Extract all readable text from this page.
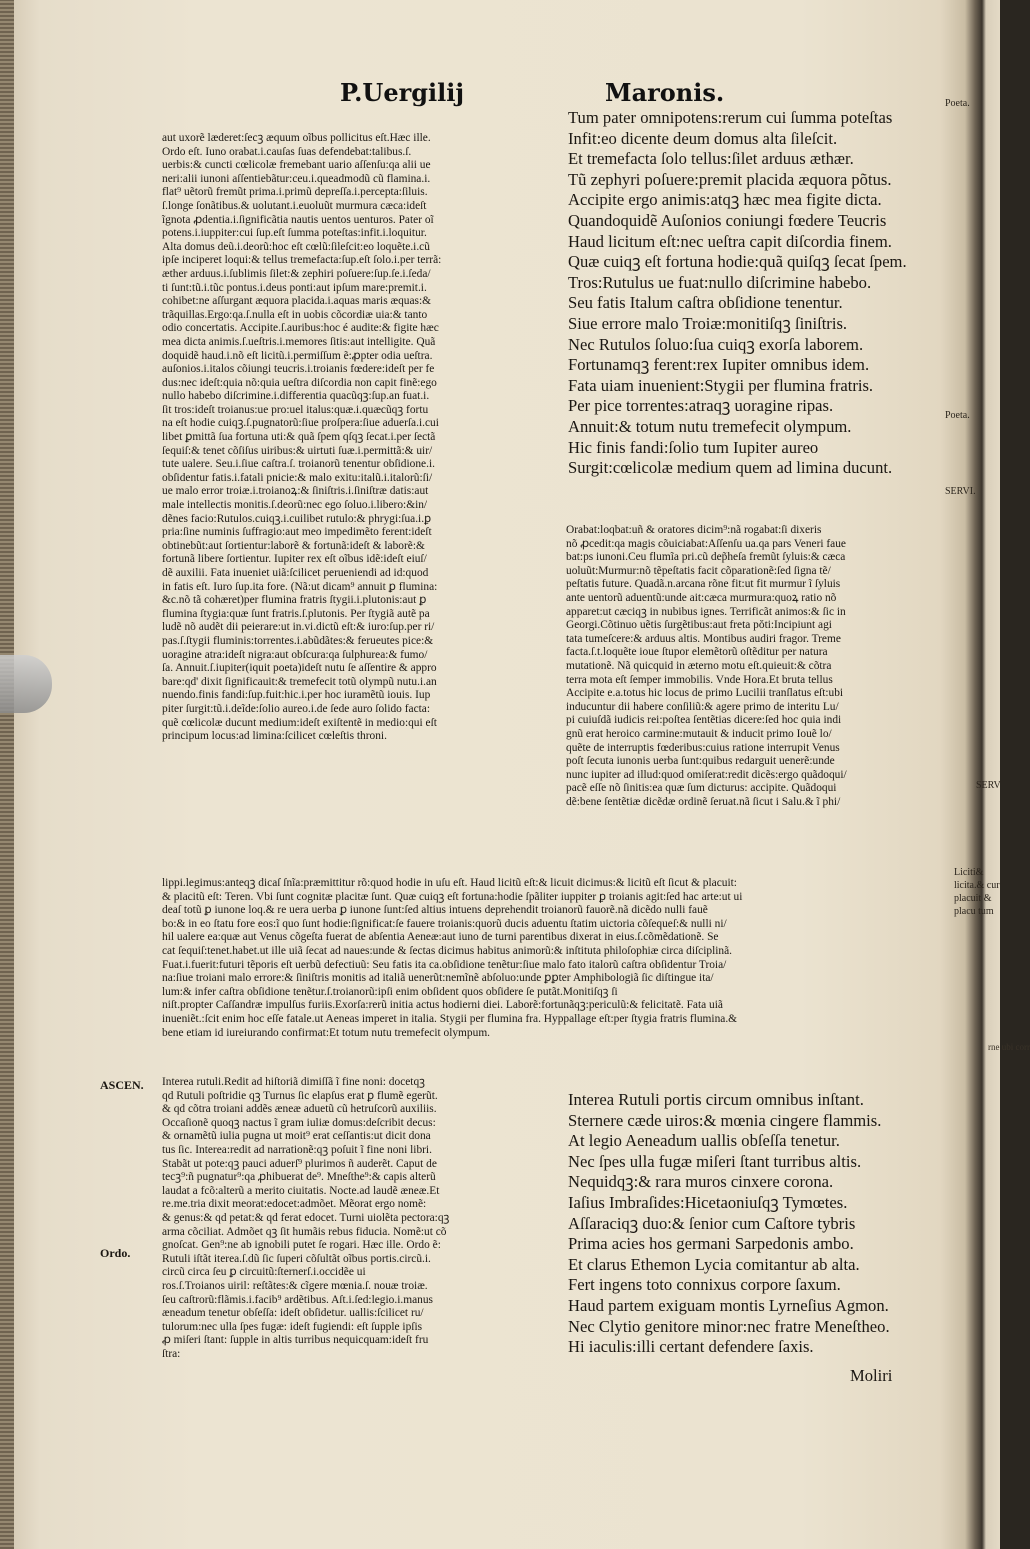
P.Uergilij	Maronis.	Poeta.
Poeta.
SERVI.
SERV
Liciti& licita.& cur placuit & placu tum
rne ubi corr
ASCEN.
Ordo.
aut uxorẽ læderet:ſecꝫ æquum oĩbus pollicitus eſt.Hæc ille.
Ordo eſt. Iuno orabat.i.cauſas ſuas defendebat:talibus.ſ.
uerbis:& cuncti cœlicolæ fremebant uario aſſenſu:qa alii ue
neri:alii iunoni aſſentiebãtur:ceu.i.queadmodũ cũ flamina.i.
flat⁹ uẽtorũ fremũt prima.i.primũ depreſſa.i.percepta:ſiluis.
ſ.longe ſonãtibus.& uolutant.i.euoluũt murmura cæca:ideſt
ĩgnota ꝓdentia.i.ſignificãtia nautis uentos uenturos. Pater oĩ
potens.i.iuppiter:cui ſup.eſt ſumma poteſtas:infit.i.loquitur.
Alta domus deũ.i.deorũ:hoc eſt cœlũ:ſileſcit:eo loquẽte.i.cũ
ipſe inciperet loqui:& tellus tremefacta:ſup.eſt ſolo.i.per terrã:
æther arduus.i.ſublimis ſilet:& zephiri poſuere:ſup.ſe.i.ſeda/
ti ſunt:tũ.i.tũc pontus.i.deus ponti:aut ipſum mare:premit.i.
cohibet:ne aſſurgant æquora placida.i.aquas maris æquas:&
trãquillas.Ergo:qa.ſ.nulla eſt in uobis cõcordiæ uia:& tanto
odio concertatis. Accipite.ſ.auribus:hoc é audite:& figite hæc
mea dicta animis.ſ.ueſtris.i.memores ſitis:aut intelligite. Quã
doquidẽ haud.i.nõ eſt licitũ.i.permiſſum ẽ:ꝓpter odia ueſtra.
auſonios.i.italos cõiungi teucris.i.troianis fœdere:ideſt per fe
dus:nec ideſt:quia nõ:quia ueſtra diſcordia non capit finẽ:ego
nullo habebo diſcrimine.i.differentia quacũqꝫ:ſup.an fuat.i.
ſit tros:ideſt troianus:ue pro:uel italus:quæ.i.quæcũqꝫ fortu
na eſt hodie cuiqꝫ.ſ.pugnatorũ:ſiue proſpera:ſiue aduerſa.i.cui
libet ꝑmittã ſua fortuna uti:& quã ſpem qſqꝫ ſecat.i.per ſectã
ſequiſ:& tenet cõſiſus uiribus:& uirtuti ſuæ.i.permittã:& uir/
tute ualere. Seu.i.ſiue caſtra.ſ. troianorũ tenentur obſidione.i.
obſidentur fatis.i.fatali pnicie:& malo exitu:italũ.i.italorũ:ſi/
ue malo error troiæ.i.troianoꝝ:& ſiniſtris.i.ſiniſtræ datis:aut
male intellectis monitis.ſ.deorũ:nec ego ſoluo.i.libero:&in/
dẽnes facio:Rutulos.cuiqꝫ.i.cuilibet rutulo:& phrygi:ſua.i.ꝑ
pria:ſine numinis ſuffragio:aut meo impedimẽto ferent:ideſt
obtinebũt:aut ſortientur:laborẽ & fortunã:ideſt & laborẽ:&
fortunã libere ſortientur. Iupiter rex eſt oĩbus idẽ:ideſt eiuſ/
dẽ auxilii. Fata inueniet uiã:ſcilicet perueniendi ad id:quod
in fatis eſt. Iuro ſup.ita fore. (Nã:ut dicam⁹ annuit ꝑ flumina:
&c.nõ tã cohæret)per flumina fratris ſtygii.i.plutonis:aut ꝑ
flumina ſtygia:quæ ſunt fratris.ſ.plutonis. Per ſtygiã autẽ pa
ludẽ nõ audẽt dii peierare:ut in.vi.dictũ eſt:& iuro:ſup.per ri/
pas.ſ.ſtygii fluminis:torrentes.i.abũdãtes:& ferueutes pice:&
uoragine atra:ideſt nigra:aut obſcura:qa ſulphurea:& fumo/
ſa. Annuit.ſ.iupiter(iquit poeta)ideſt nutu ſe aſſentire & appro
bare:qd' dixit ſignificauit:& tremefecit totũ olympũ nutu.i.an
nuendo.finis fandi:ſup.fuit:hic.i.per hoc iuramẽtũ iouis. Iup
piter ſurgit:tũ.i.deĩde:ſolio aureo.i.de ſede auro ſolido facta:
quẽ cœlicolæ ducunt medium:ideſt exiſtentẽ in medio:qui eſt
principum locus:ad limina:ſcilicet cœleſtis throni.
Tum pater omnipotens:rerum cui ſumma poteſtas
Infit:eo dicente deum domus alta ſileſcit.
Et tremefacta ſolo tellus:ſilet arduus æthær.
Tũ zephyri poſuere:premit placida æquora põtus.
Accipite ergo animis:atqꝫ hæc mea figite dicta.
Quandoquidẽ Auſonios coniungi fœdere Teucris
Haud licitum eſt:nec ueſtra capit diſcordia finem.
Quæ cuiqꝫ eſt fortuna hodie:quã quiſqꝫ ſecat ſpem.
Tros:Rutulus ue fuat:nullo diſcrimine habebo.
Seu fatis Italum caſtra obſidione tenentur.
Siue errore malo Troiæ:monitiſqꝫ ſiniſtris.
Nec Rutulos ſoluo:ſua cuiqꝫ exorſa laborem.
Fortunamqꝫ ferent:rex Iupiter omnibus idem.
Fata uiam inuenient:Stygii per flumina fratris.
Per pice torrentes:atraqꝫ uoragine ripas.
Annuit:& totum nutu tremefecit olympum.
Hic finis fandi:ſolio tum Iupiter aureo
Surgit:cœlicolæ medium quem ad limina ducunt.
Orabat:loqbat:uñ & oratores dicim⁹:nã rogabat:ſi dixeris
nõ ꝓcedit:qa magis cõuiciabat:Aſſenſu ua.qa pars Veneri faue
bat:ps iunoni.Ceu flumĩa pri.cũ dep̃heſa fremũt ſyluis:& cæca
uoluũt:Murmur:nõ tẽpeſtatis facit cõparationẽ:ſed ſigna tẽ/
peſtatis future. Quadã.n.arcana rõne fit:ut fit murmur ĩ ſyluis
ante uentorũ aduentũ:unde ait:cæca murmura:quoꝝ ratio nõ
apparet:ut cæciqꝫ in nubibus ignes. Terrificãt animos:& ſic in
Georgi.Cõtinuo uẽtis ſurgẽtibus:aut freta pŏti:Incipiunt agi
tata tumeſcere:& arduus altis. Montibus audiri fragor. Treme
facta.ſ.t.loquẽte ioue ſtupor elemẽtorũ oſtẽditur per natura
mutationẽ. Nã quicquid in æterno motu eſt.quieuit:& cõtra
terra mota eſt ſemper immobilis. Vnde Hora.Et bruta tellus
Accipite e.a.totus hic locus de primo Lucilii tranſlatus eſt:ubi
inducuntur dii habere conſiliũ:& agere primo de interitu Lu/
pi cuiuſdã iudicis rei:poſtea ſentẽtias dicere:ſed hoc quia indi
gnũ erat heroico carmine:mutauit & inducit primo Iouẽ lo/
quẽte de interruptis fœderibus:cuius ratione interrupit Venus
poſt ſecuta iunonis uerba ſunt:quibus redarguit uenerẽ:unde
nunc iupiter ad illud:quod omiſerat:redit dicẽs:ergo quãdoqui/
pacẽ eſſe nõ ſinitis:ea quæ ſum dicturus: accipite. Quãdoqui
dẽ:bene ſentẽtiæ dicẽdæ ordinẽ ſeruat.nã ſicut i Salu.& ĩ phi/
lippi.legimus:anteqꝫ dicaſ ſnĩa:præmittitur rõ:quod hodie in uſu eſt. Haud licitũ eſt:& licuit dicimus:& licitũ eſt ſicut & placuit:
& placitũ eſt: Teren. Vbi ſunt cognitæ placitæ ſunt. Quæ cuiqꝫ eſt fortuna:hodie ſpãliter iuppiter ꝑ troianis agit:ſed hac arte:ut ui
deaſ totũ ꝑ iunone loq.& re uera uerba ꝑ iunone ſunt:ſed altius intuens deprehendit troianorũ fauorẽ.nã dicẽdo nulli fauẽ
bo:& in eo ſtatu fore eos:ĩ quo ſunt hodie:ſignificat:ſe fauere troianis:quorũ ducis aduentu ſtatim uictoria cõſequeſ:& nulli ni/
hil ualere ea:quæ aut Venus cõgeſta fuerat de abſentia Aeneæ:aut iuno de turni parentibus dixerat in eius.ſ.cõmẽdationẽ. Se
cat ſequiſ:tenet.habet.ut ille uiã ſecat ad naues:unde & ſectas dicimus habitus animorũ:& inſtituta philoſophiæ circa diſciplinã.
Fuat.i.fuerit:futuri tẽporis eſt uerbũ defectiuũ: Seu fatis ita ca.obſidione tenẽtur:ſiue malo fato italorũ caſtra obſidentur Troia/
na:ſiue troiani malo errore:& ſiniſtris monitis ad italiã uenerũt:nemĩnẽ abſoluo:unde ꝑꝑter Amphibologiã ſic diſtingue ita/
lum:& infer caſtra obſidione tenẽtur.ſ.troianorũ:ipſi enim obſident quos obſidere ſe putãt.Monitiſqꝫ ſi
niſt.propter Caſſandræ impulſus furiis.Exorſa:rerũ initia actus hodierni diei. Laborẽ:fortunãqꝫ:periculũ:& felicitatẽ. Fata uiã
inueniẽt.:ſcit enim hoc eſſe fatale.ut Aeneas imperet in italia. Stygii per flumina fra. Hyppallage eſt:per ſtygia fratris flumina.&
bene etiam id iureiurando confirmat:Et totum nutu tremefecit olympum.
Interea rutuli.Redit ad hiſtoriã dimiſſã ĩ fine noni: docetqꝫ
qd Rutuli poſtridie qꝫ Turnus ſic elapſus erat ꝑ flumẽ egerũt.
& qd cõtra troiani addẽs æneæ aduetũ cũ hetruſcorũ auxiliis.
Occaſionẽ quoqꝫ nactus ĩ gram iuliæ domus:deſcribit decus:
& ornamẽtũ iulia pugna ut moit⁹ erat ceſſantis:ut dicit dona
tus ſic. Interea:redit ad narrationẽ:qꝫ poſuit ĩ fine noni libri.
Stabãt ut pote:qꝫ pauci aduerſ⁹ plurimos ñ auderẽt. Caput de
tecꝫ⁹:ñ pugnatur⁹:qa ꝓhibuerat de⁹. Mneſthe⁹:& capis alterũ
laudat a fcõ:alterũ a merito ciuitatis. Nocte.ad laudẽ æneæ.Et
re.me.tria dixit meorat:edocet:admõet. Mẽorat ergo nomẽ:
& genus:& qd petat:& qd ferat edocet. Turni uiolẽta pectora:qꝫ
arma cõciliat. Admõet qꝫ ſit humãis rebus fiducia. Nomẽ:ut cõ
gnoſcat. Gen⁹:ne ab ignobili putet ſe rogari. Hæc ille. Ordo ẽ:
Rutuli iſtãt iterea.ſ.dũ ſic ſuperi cõſultãt oĩbus portis.circũ.i.
circũ circa ſeu ꝑ circuitũ:ſternerſ.i.occidẽe ui
ros.ſ.Troianos uiril: reſtãtes:& cĩgere mœnia.ſ. nouæ troiæ.
ſeu caſtrorũ:flãmis.i.facib⁹ ardẽtibus. Aſt.i.ſed:legio.i.manus
æneadum tenetur obſeſſa: ideſt obſidetur. uallis:ſcilicet ru/
tulorum:nec ulla ſpes fugæ: ideſt fugiendi: eſt ſupple ipſis
ꝓ miſeri ſtant: ſupple in altis turribus nequicquam:ideſt fru
ſtra:
Interea Rutuli portis circum omnibus inſtant.
Sternere cæde uiros:& mœnia cingere flammis.
At legio Aeneadum uallis obſeſſa tenetur.
Nec ſpes ulla fugæ miſeri ſtant turribus altis.
Nequidqꝫ:& rara muros cinxere corona.
Iaſius Imbraſides:Hicetaoniuſqꝫ Tymœtes.
Aſſaraciqꝫ duo:& ſenior cum Caſtore tybris
Prima acies hos germani Sarpedonis ambo.
Et clarus Ethemon Lycia comitantur ab alta.
Fert ingens toto connixus corpore ſaxum.
Haud partem exiguam montis Lyrneſius Agmon.
Nec Clytio genitore minor:nec fratre Meneſtheo.
Hi iaculis:illi certant defendere ſaxis.
Moliri
